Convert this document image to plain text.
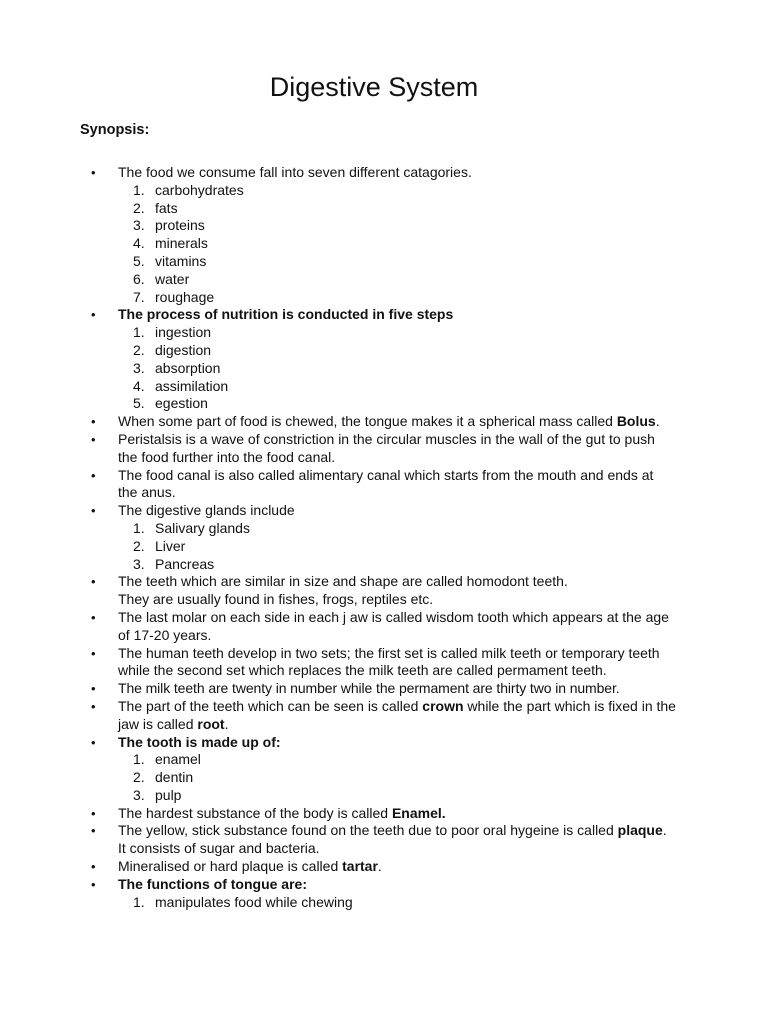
Digestive System

Synopsis:

• The food we consume fall into seven different catagories.
1. carbohydrates
2. fats
3. proteins
4. minerals
5. vitamins
6. water
7. roughage
• The process of nutrition is conducted in five steps
1. ingestion
2. digestion
3. absorption
4. assimilation
5. egestion
• When some part of food is chewed, the tongue makes it a spherical mass called Bolus.
• Peristalsis is a wave of constriction in the circular muscles in the wall of the gut to push the food further into the food canal.
• The food canal is also called alimentary canal which starts from the mouth and ends at the anus.
• The digestive glands include
1. Salivary glands
2. Liver
3. Pancreas
• The teeth which are similar in size and shape are called homodont teeth.
They are usually found in fishes, frogs, reptiles etc.
• The last molar on each side in each j aw is called wisdom tooth which appears at the age of 17-20 years.
• The human teeth develop in two sets; the first set is called milk teeth or temporary teeth while the second set which replaces the milk teeth are called permament teeth.
• The milk teeth are twenty in number while the permament are thirty two in number.
• The part of the teeth which can be seen is called crown while the part which is fixed in the jaw is called root.
• The tooth is made up of:
1. enamel
2. dentin
3. pulp
• The hardest substance of the body is called Enamel.
• The yellow, stick substance found on the teeth due to poor oral hygeine is called plaque. It consists of sugar and bacteria.
• Mineralised or hard plaque is called tartar.
• The functions of tongue are:
1. manipulates food while chewing
